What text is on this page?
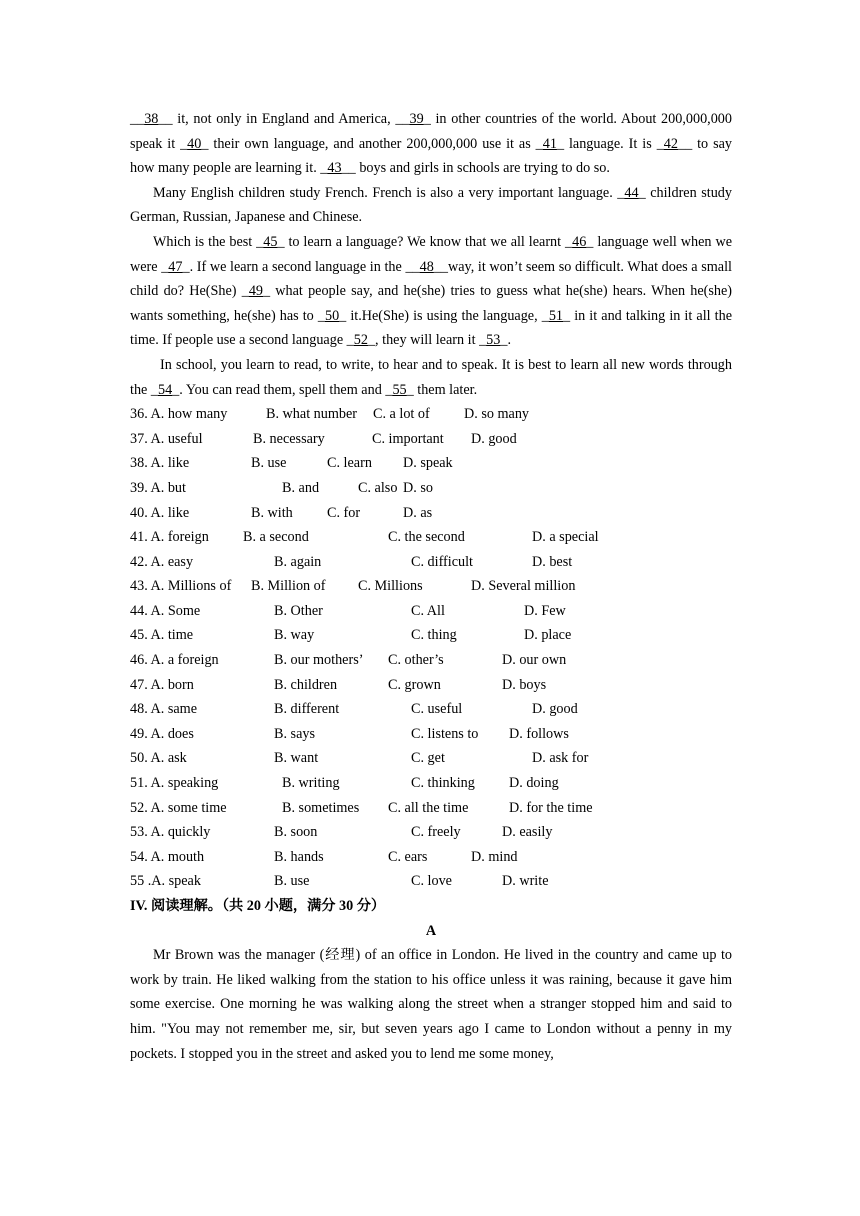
__38__ it, not only in England and America, __39_ in other countries of the world. About 200,000,000 speak it _40_ their own language, and another 200,000,000 use it as _41_ language. It is _42__ to say how many people are learning it. _43__ boys and girls in schools are trying to do so.

Many English children study French. French is also a very important language. _44_ children study German, Russian, Japanese and Chinese.

Which is the best _45_ to learn a language? We know that we all learnt _46_ language well when we were _47_. If we learn a second language in the __48__way, it won’t seem so difficult. What does a small child do? He(She) _49_ what people say, and he(she) tries to guess what he(she) hears. When he(she) wants something, he(she) has to _50_ it.He(She) is using the language, _51_ in it and talking in it all the time. If people use a second language _52_, they will learn it _53_.

In school, you learn to read, to write, to hear and to speak. It is best to learn all new words through the _54_. You can read them, spell them and _55_ them later.

36. A. how many	B. what number C. a lot of D. so many
37. A. useful	B. necessary	C. important D. good
38. A. like	B. use	C. learn D. speak
39. A. but	B. and	C. also D. so
40. A. like	B. with C. for	D. as
41. A. foreign B. a second	C. the second	D. a special
42. A. easy	B. again	C. difficult	D. best
43. A. Millions of B. Million of C. Millions	D. Several million
44. A. Some	B. Other	C. All	D. Few
45. A. time	B. way	C. thing	D. place
46. A. a foreign	B. our mothers’ C. other’s	D. our own
47. A. born	B. children	C. grown	D. boys
48. A. same	B. different	C. useful	D. good
49. A. does	B. says	C. listens to D. follows
50. A. ask	B. want	C. get	D. ask for
51. A. speaking	B. writing	C. thinking D. doing
52. A. some time	B. sometimes C. all the time	D. for the time
53. A. quickly	B. soon	C. freely	D. easily
54. A. mouth	B. hands	C. ears	D. mind
55 .A. speak	B. use	C. love	D. write

IV. 阅读理解。（共 20 小题，满分 30 分）

A

Mr Brown was the manager (经理) of an office in London. He lived in the country and came up to work by train. He liked walking from the station to his office unless it was raining, because it gave him some exercise. One morning he was walking along the street when a stranger stopped him and said to him. "You may not remember me, sir, but seven years ago I came to London without a penny in my pockets. I stopped you in the street and asked you to lend me some money,
